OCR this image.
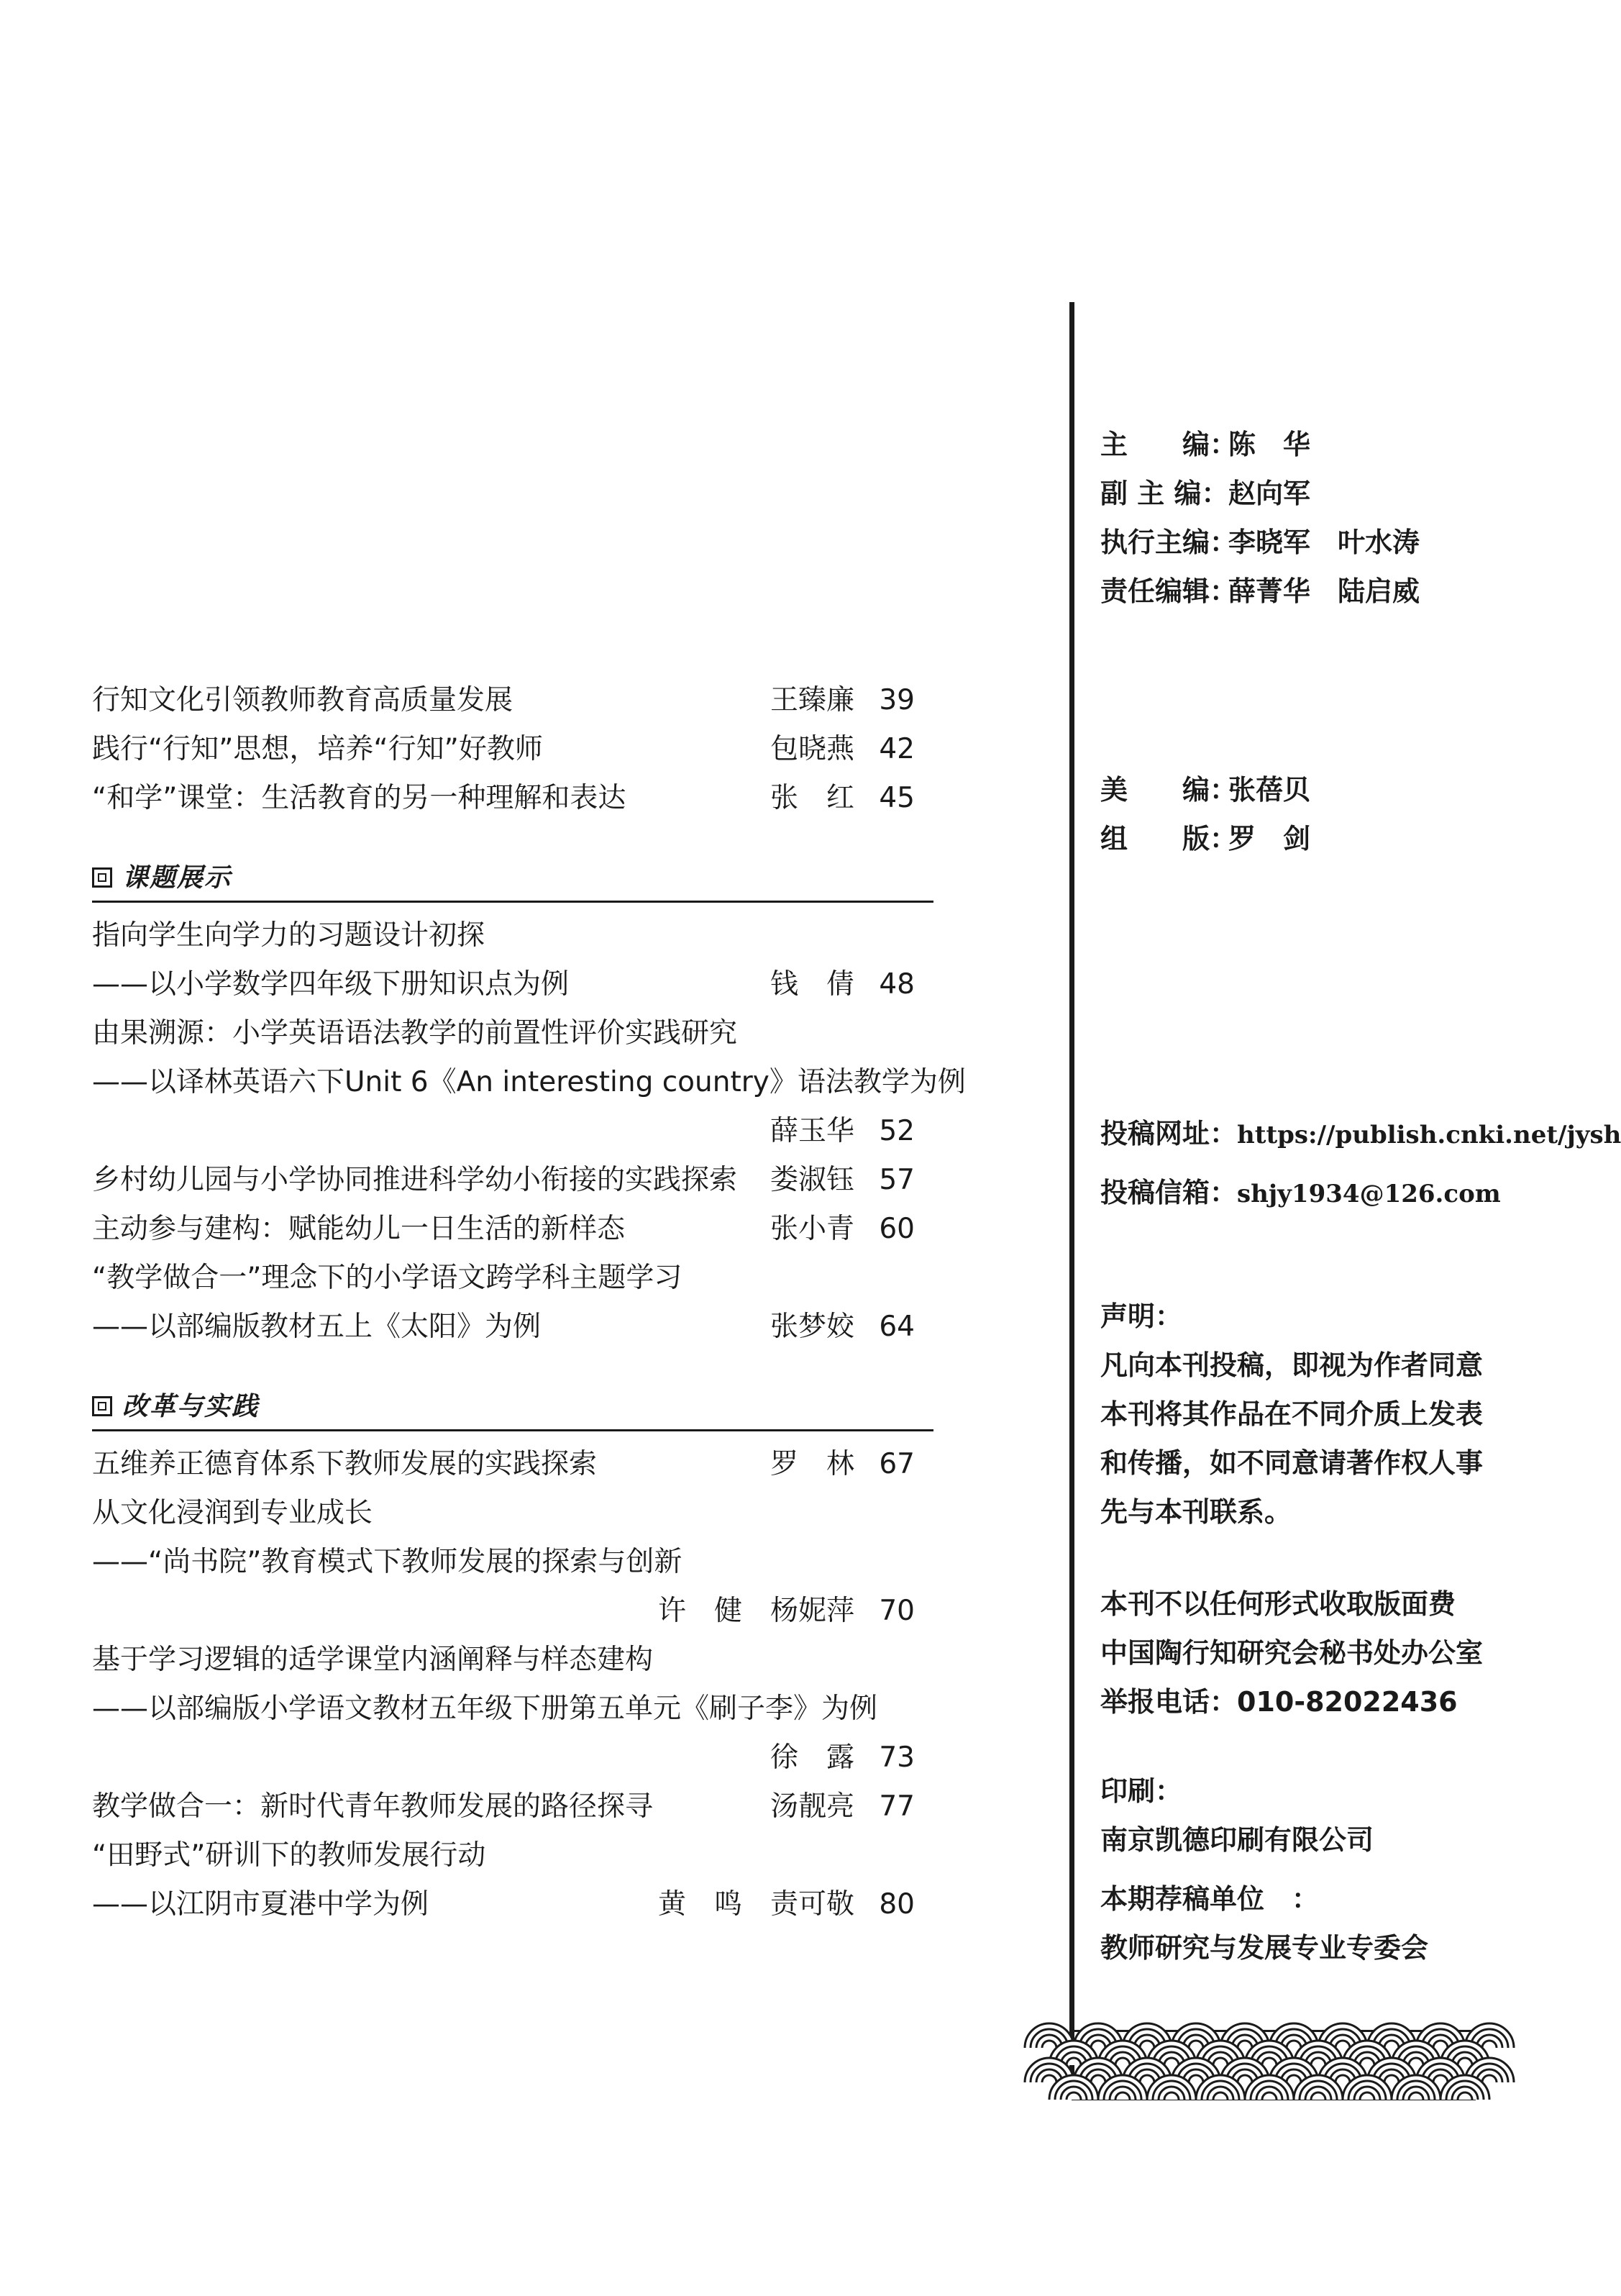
行知文化引领教师教育高质量发展	王臻廉 39
践行“行知”思想，培养“行知”好教师	包晓燕 42
“和学”课堂：生活教育的另一种理解和表达	张　红 45
课题展示
指向学生向学力的习题设计初探
——以小学数学四年级下册知识点为例	钱　倩 48
由果溯源：小学英语语法教学的前置性评价实践研究
——以译林英语六下Unit 6《An interesting country》语法教学为例
薛玉华 52
乡村幼儿园与小学协同推进科学幼小衔接的实践探索 娄淑钰 57
主动参与建构：赋能幼儿一日生活的新样态	张小青 60
“教学做合一”理念下的小学语文跨学科主题学习
——以部编版教材五上《太阳》为例	张梦姣 64
改革与实践
五维养正德育体系下教师发展的实践探索	罗　林 67
从文化浸润到专业成长
——“尚书院”教育模式下教师发展的探索与创新
许　健　杨妮萍 70
基于学习逻辑的适学课堂内涵阐释与样态建构
——以部编版小学语文教材五年级下册第五单元《刷子李》为例
徐　露 73
教学做合一：新时代青年教师发展的路径探寻	汤靓亮 77
“田野式”研训下的教师发展行动
——以江阴市夏港中学为例	黄　鸣　责可敬 80
主　　编：陈　华
副 主 编：赵向军
执行主编：李晓军　叶水涛
责任编辑：薛菁华　陆启威
美　　编：张蓓贝
组　　版：罗　剑
投稿网址：https://publish.cnki.net/jysh
投稿信箱：shjy1934@126.com
声明：
凡向本刊投稿，即视为作者同意本刊将其作品在不同介质上发表和传播，如不同意请著作权人事先与本刊联系。
本刊不以任何形式收取版面费
中国陶行知研究会秘书处办公室
举报电话：010-82022436
印刷：
南京凯德印刷有限公司
本期荐稿单位　：
教师研究与发展专业专委会
